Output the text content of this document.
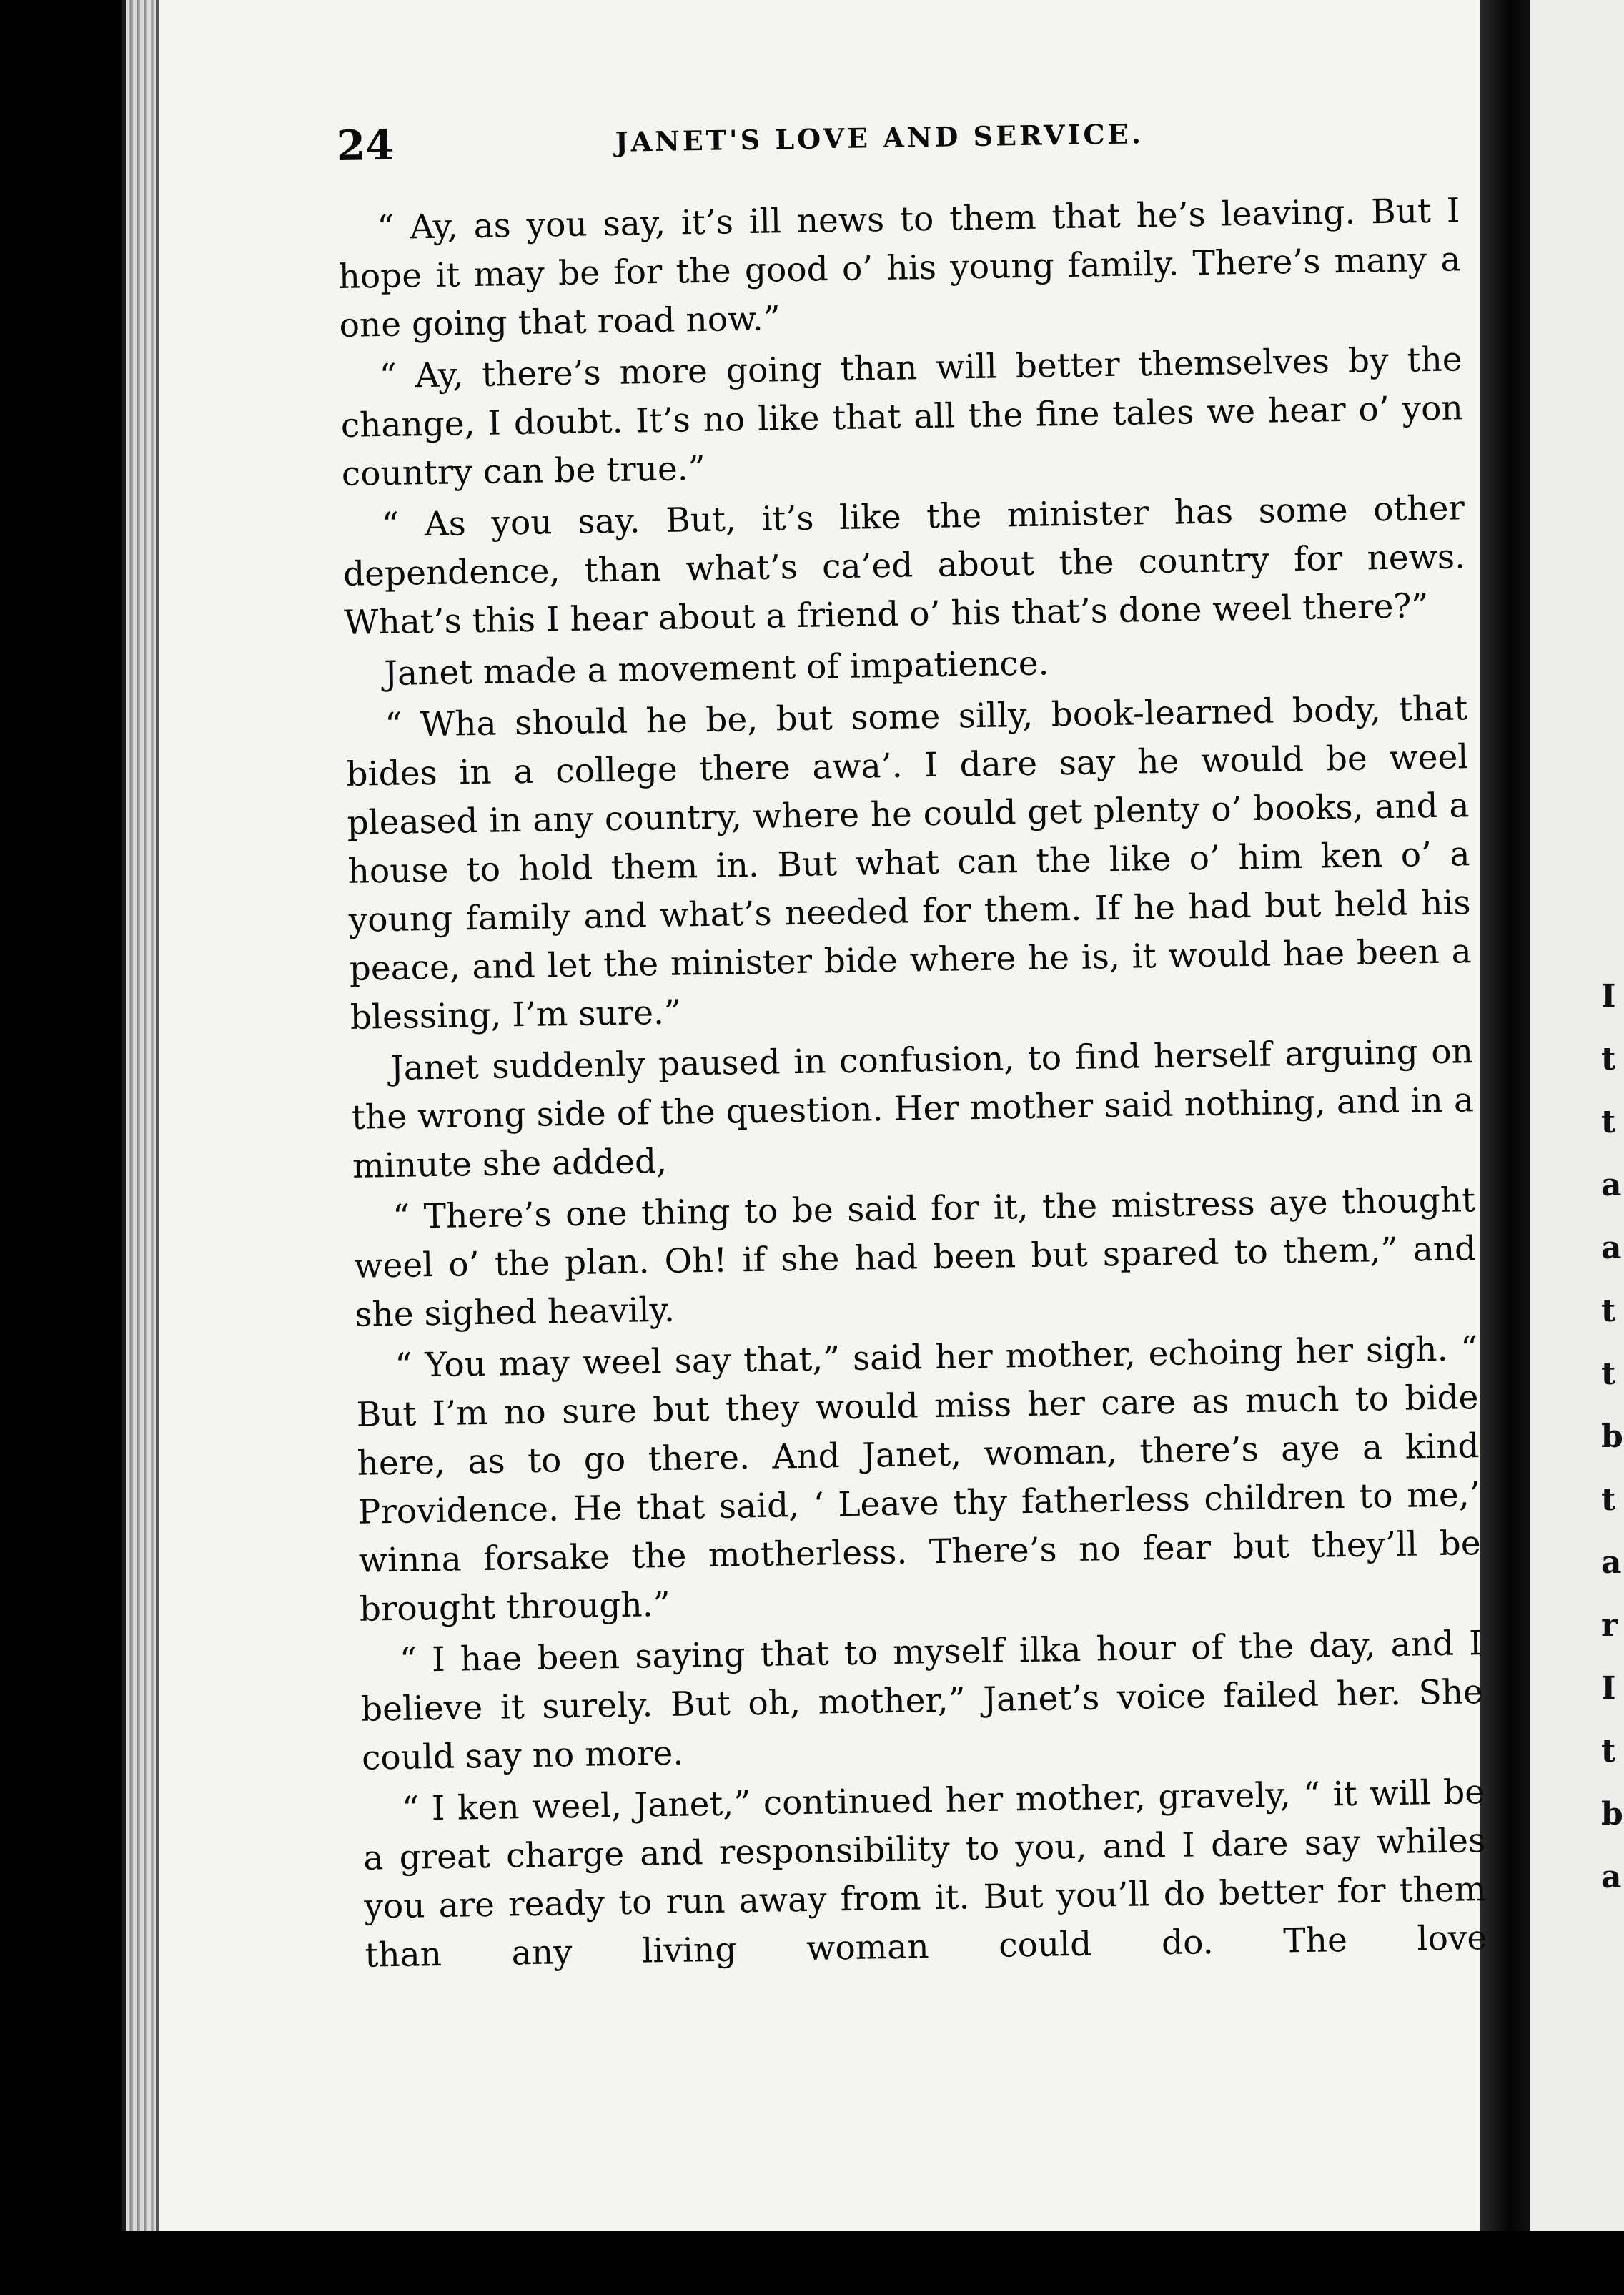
I
t
t
a
a
t
t
b
t
a
r
I
t
b
a
24	JANET'S LOVE AND SERVICE.

“ Ay, as you say, it’s ill news to them that he’s leaving. But I hope it may be for the good o’ his young family. There’s many a one going that road now.”

“ Ay, there’s more going than will better themselves by the change, I doubt. It’s no like that all the fine tales we hear o’ yon country can be true.”

“ As you say. But, it’s like the minister has some other dependence, than what’s ca’ed about the country for news. What’s this I hear about a friend o’ his that’s done weel there?”

Janet made a movement of impatience.

“ Wha should he be, but some silly, book-learned body, that bides in a college there awa’. I dare say he would be weel pleased in any country, where he could get plenty o’ books, and a house to hold them in. But what can the like o’ him ken o’ a young family and what’s needed for them. If he had but held his peace, and let the minister bide where he is, it would hae been a blessing, I’m sure.”

Janet suddenly paused in confusion, to find herself arguing on the wrong side of the question. Her mother said nothing, and in a minute she added,

“ There’s one thing to be said for it, the mistress aye thought weel o’ the plan. Oh! if she had been but spared to them,” and she sighed heavily.

“ You may weel say that,” said her mother, echoing her sigh. “ But I’m no sure but they would miss her care as much to bide here, as to go there. And Janet, woman, there’s aye a kind Providence. He that said, ‘ Leave thy fatherless children to me,’ winna forsake the motherless. There’s no fear but they’ll be brought through.”

“ I hae been saying that to myself ilka hour of the day, and I believe it surely. But oh, mother,” Janet’s voice failed her. She could say no more.

“ I ken weel, Janet,” continued her mother, gravely, “ it will be a great charge and responsibility to you, and I dare say whiles you are ready to run away from it. But you’ll do better for them than any living woman could do. The love
